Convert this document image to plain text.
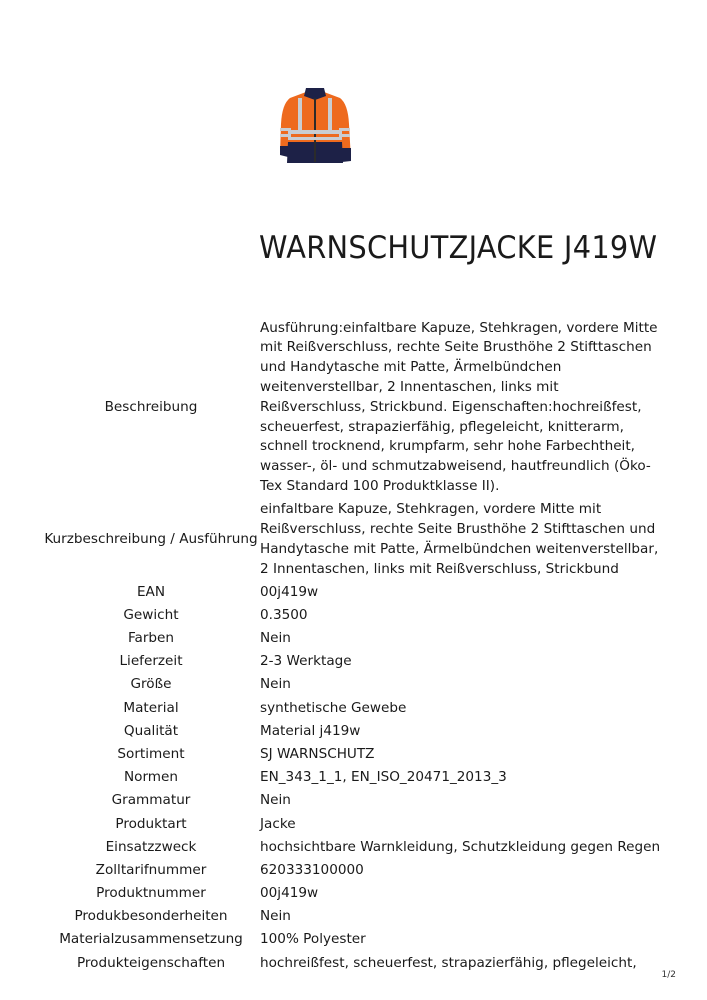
WARNSCHUTZJACKE J419W
Beschreibung	Ausführung:einfaltbare Kapuze, Stehkragen, vordere Mitte mit Reißverschluss, rechte Seite Brusthöhe 2 Stifttaschen und Handytasche mit Patte, Ärmelbündchen weitenverstellbar, 2 Innentaschen, links mit Reißverschluss, Strickbund. Eigenschaften:hochreißfest, scheuerfest, strapazierfähig, pflegeleicht, knitterarm, schnell trocknend, krumpfarm, sehr hohe Farbechtheit, wasser-, öl- und schmutzabweisend, hautfreundlich (Öko-Tex Standard 100 Produktklasse II).
Kurzbeschreibung / Ausführung	einfaltbare Kapuze, Stehkragen, vordere Mitte mit Reißverschluss, rechte Seite Brusthöhe 2 Stifttaschen und Handytasche mit Patte, Ärmelbündchen weitenverstellbar, 2 Innentaschen, links mit Reißverschluss, Strickbund
EAN	00j419w
Gewicht	0.3500
Farben	Nein
Lieferzeit	2-3 Werktage
Größe	Nein
Material	synthetische Gewebe
Qualität	Material j419w
Sortiment	SJ WARNSCHUTZ
Normen	EN_343_1_1, EN_ISO_20471_2013_3
Grammatur	Nein
Produktart	Jacke
Einsatzzweck	hochsichtbare Warnkleidung, Schutzkleidung gegen Regen
Zolltarifnummer	620333100000
Produktnummer	00j419w
Produkbesonderheiten	Nein
Materialzusammensetzung	100% Polyester
Produkteigenschaften	hochreißfest, scheuerfest, strapazierfähig, pflegeleicht,
1/2
